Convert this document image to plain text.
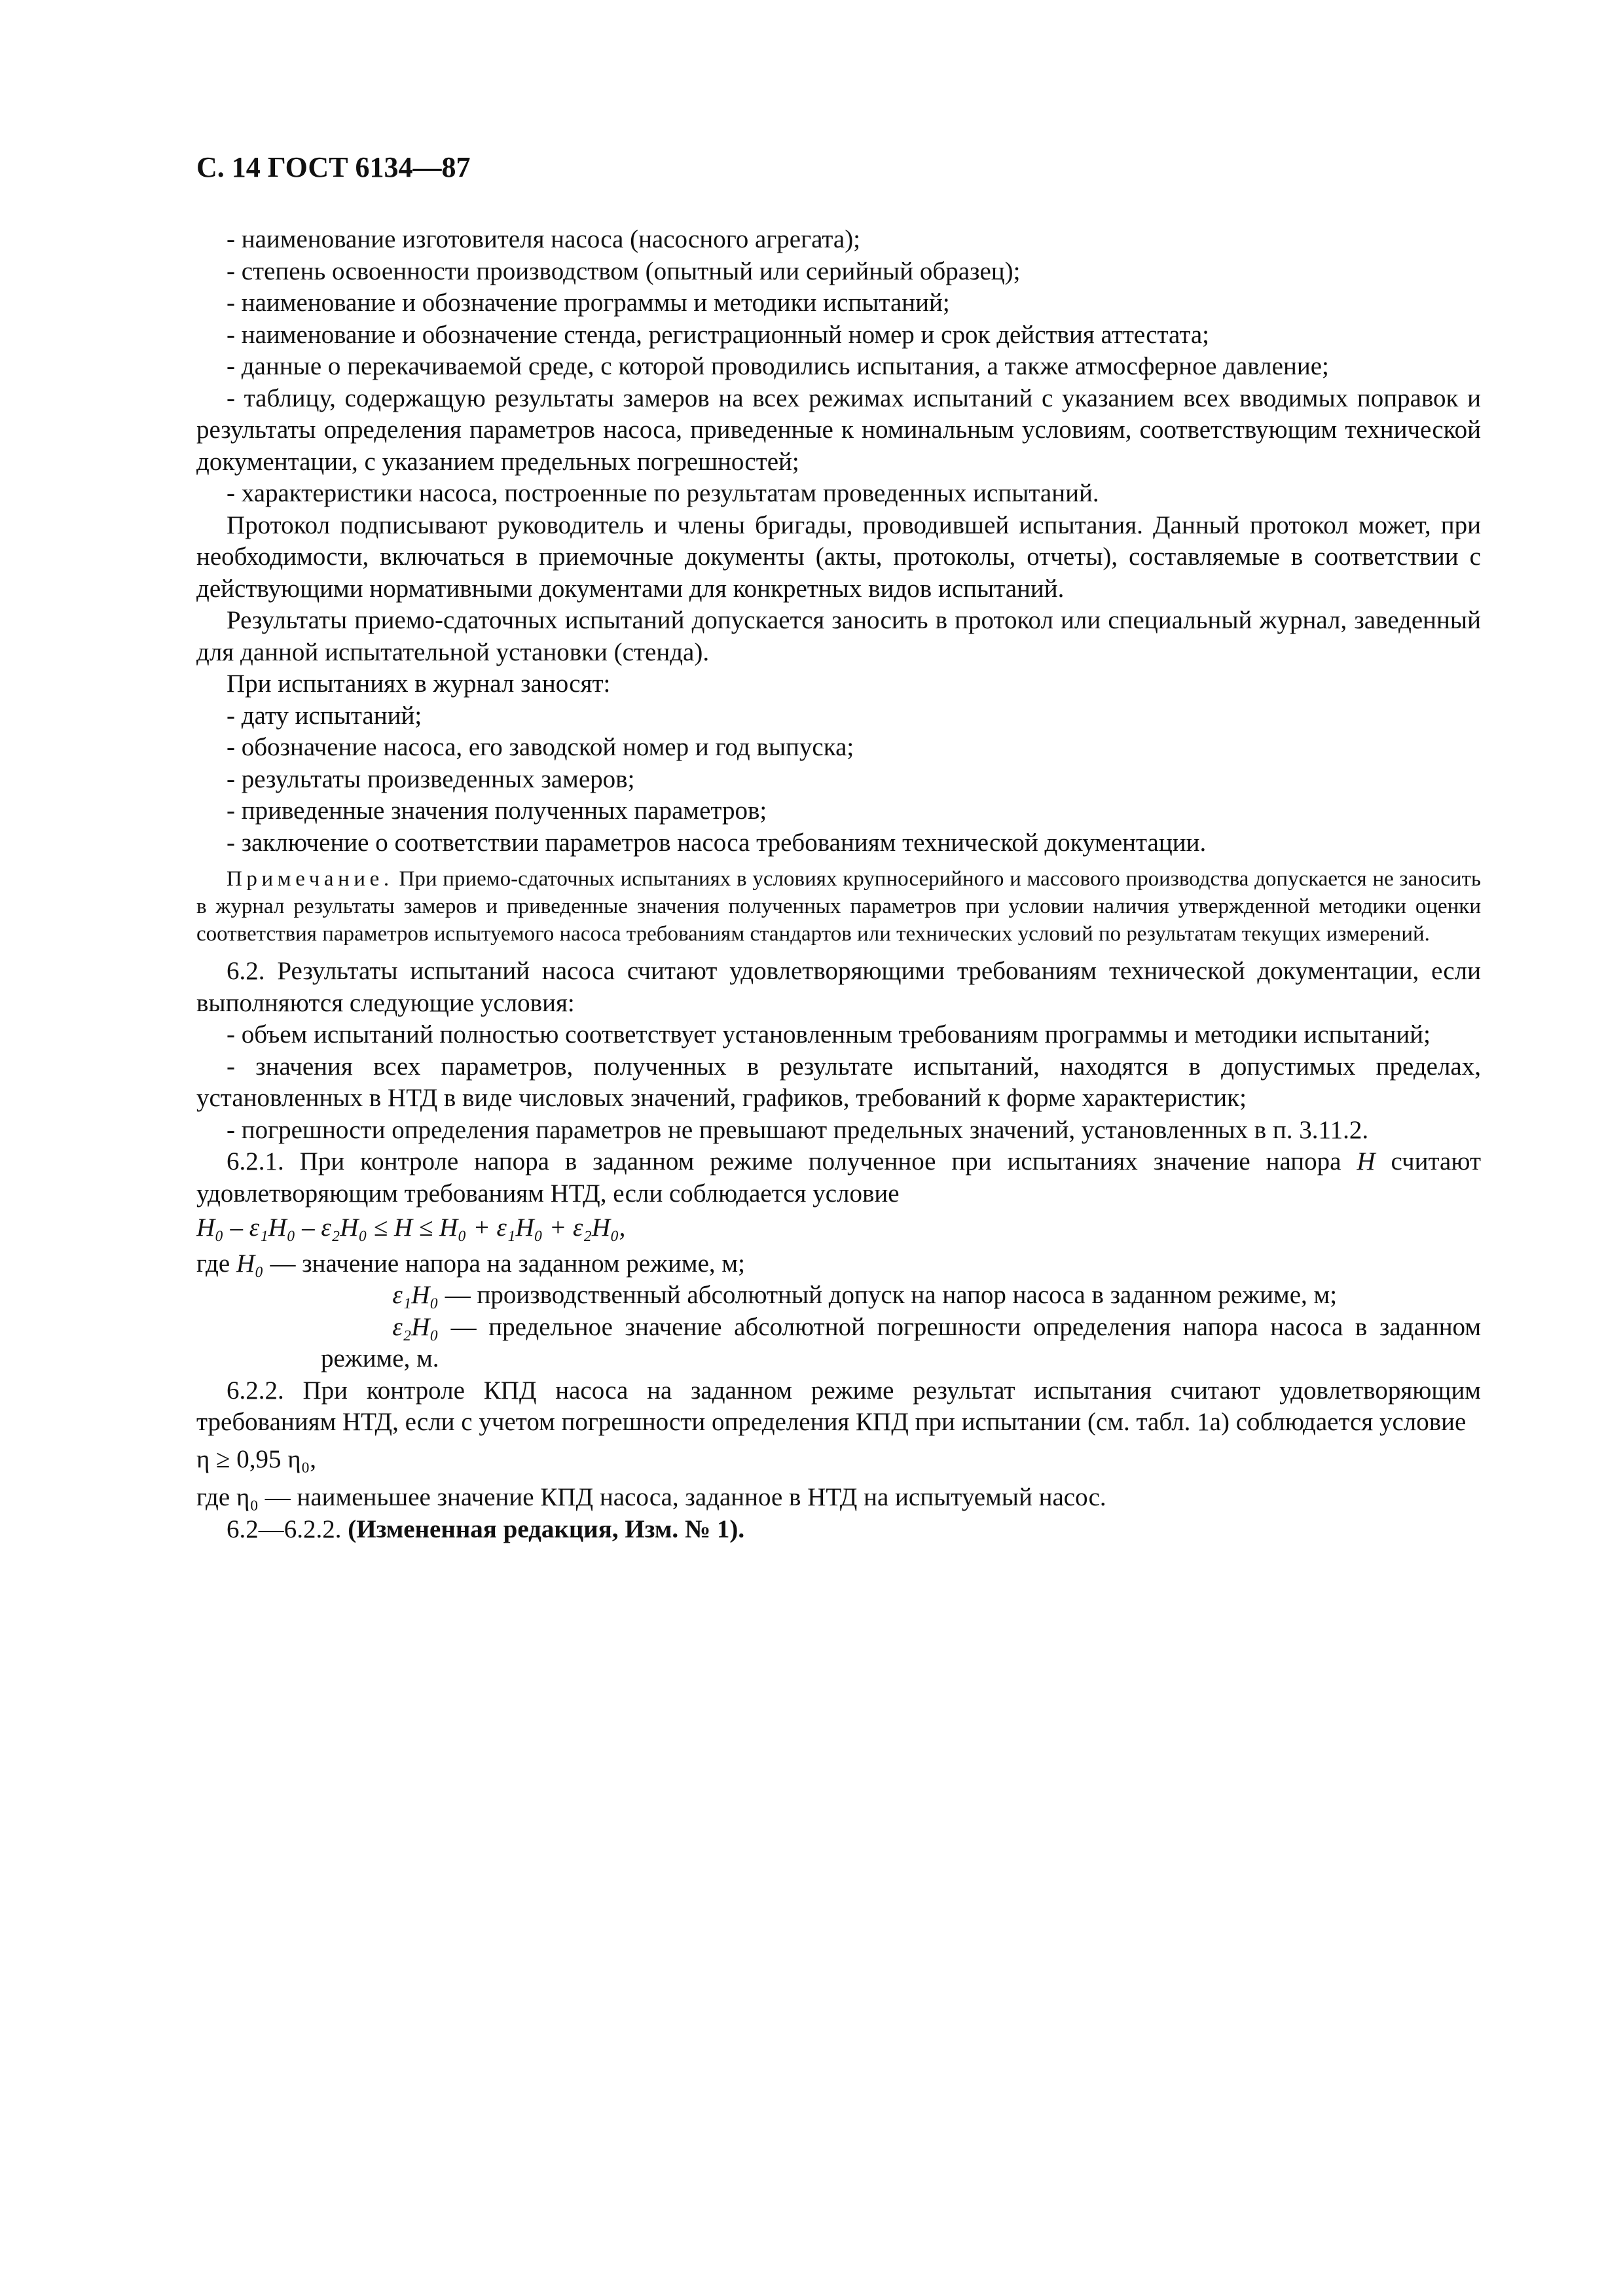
С. 14 ГОСТ 6134—87

- наименование изготовителя насоса (насосного агрегата);

- степень освоенности производством (опытный или серийный образец);

- наименование и обозначение программы и методики испытаний;

- наименование и обозначение стенда, регистрационный номер и срок действия аттестата;

- данные о перекачиваемой среде, с которой проводились испытания, а также атмосферное давление;

- таблицу, содержащую результаты замеров на всех режимах испытаний с указанием всех вводимых поправок и результаты определения параметров насоса, приведенные к номинальным условиям, соответствующим технической документации, с указанием предельных погрешностей;

- характеристики насоса, построенные по результатам проведенных испытаний.

Протокол подписывают руководитель и члены бригады, проводившей испытания. Данный протокол может, при необходимости, включаться в приемочные документы (акты, протоколы, отчеты), составляемые в соответствии с действующими нормативными документами для конкретных видов испытаний.

Результаты приемо-сдаточных испытаний допускается заносить в протокол или специальный журнал, заведенный для данной испытательной установки (стенда).

При испытаниях в журнал заносят:

- дату испытаний;

- обозначение насоса, его заводской номер и год выпуска;

- результаты произведенных замеров;

- приведенные значения полученных параметров;

- заключение о соответствии параметров насоса требованиям технической документации.

Примечание. При приемо-сдаточных испытаниях в условиях крупносерийного и массового производства допускается не заносить в журнал результаты замеров и приведенные значения полученных параметров при условии наличия утвержденной методики оценки соответствия параметров испытуемого насоса требованиям стандартов или технических условий по результатам текущих измерений.

6.2. Результаты испытаний насоса считают удовлетворяющими требованиям технической документации, если выполняются следующие условия:

- объем испытаний полностью соответствует установленным требованиям программы и методики испытаний;

- значения всех параметров, полученных в результате испытаний, находятся в допустимых пределах, установленных в НТД в виде числовых значений, графиков, требований к форме характеристик;

- погрешности определения параметров не превышают предельных значений, установленных в п. 3.11.2.

6.2.1. При контроле напора в заданном режиме полученное при испытаниях значение напора H считают удовлетворяющим требованиям НТД, если соблюдается условие

H₀ – ε₁H₀ – ε₂H₀ ≤ H ≤ H₀ + ε₁H₀ + ε₂H₀,

где H₀ — значение напора на заданном режиме, м;

ε₁H₀ — производственный абсолютный допуск на напор насоса в заданном режиме, м;

ε₂H₀ — предельное значение абсолютной погрешности определения напора насоса в заданном режиме, м.

6.2.2. При контроле КПД насоса на заданном режиме результат испытания считают удовлетворяющим требованиям НТД, если с учетом погрешности определения КПД при испытании (см. табл. 1а) соблюдается условие

η ≥ 0,95 η₀,

где η₀ — наименьшее значение КПД насоса, заданное в НТД на испытуемый насос.

6.2—6.2.2. (Измененная редакция, Изм. № 1).
